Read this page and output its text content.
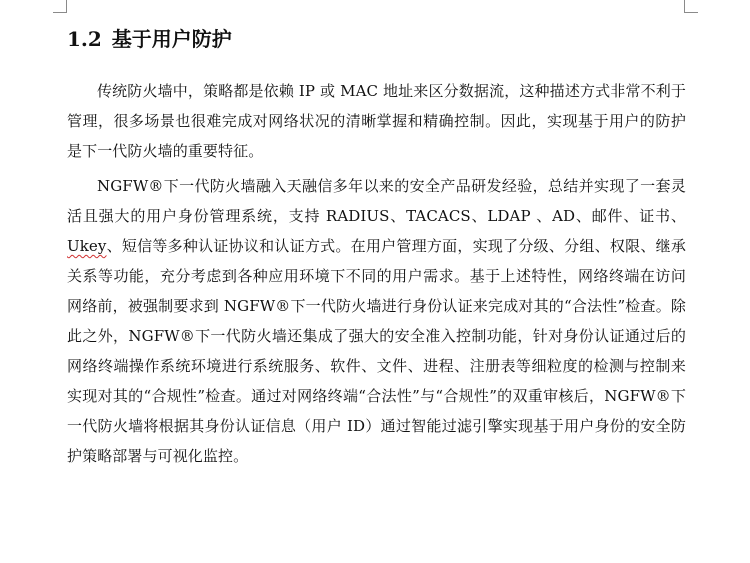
1.2 基于用户防护

传统防火墙中，策略都是依赖 IP 或 MAC 地址来区分数据流，这种描述方式非常不利于管理，很多场景也很难完成对网络状况的清晰掌握和精确控制。因此，实现基于用户的防护是下一代防火墙的重要特征。

NGFW®下一代防火墙融入天融信多年以来的安全产品研发经验，总结并实现了一套灵活且强大的用户身份管理系统，支持 RADIUS、TACACS、LDAP 、AD、邮件、证书、Ukey、短信等多种认证协议和认证方式。在用户管理方面，实现了分级、分组、权限、继承关系等功能，充分考虑到各种应用环境下不同的用户需求。基于上述特性，网络终端在访问网络前，被强制要求到 NGFW®下一代防火墙进行身份认证来完成对其的“合法性”检查。除此之外，NGFW®下一代防火墙还集成了强大的安全准入控制功能，针对身份认证通过后的网络终端操作系统环境进行系统服务、软件、文件、进程、注册表等细粒度的检测与控制来实现对其的“合规性”检查。通过对网络终端“合法性”与“合规性”的双重审核后，NGFW®下一代防火墙将根据其身份认证信息（用户 ID）通过智能过滤引擎实现基于用户身份的安全防护策略部署与可视化监控。
